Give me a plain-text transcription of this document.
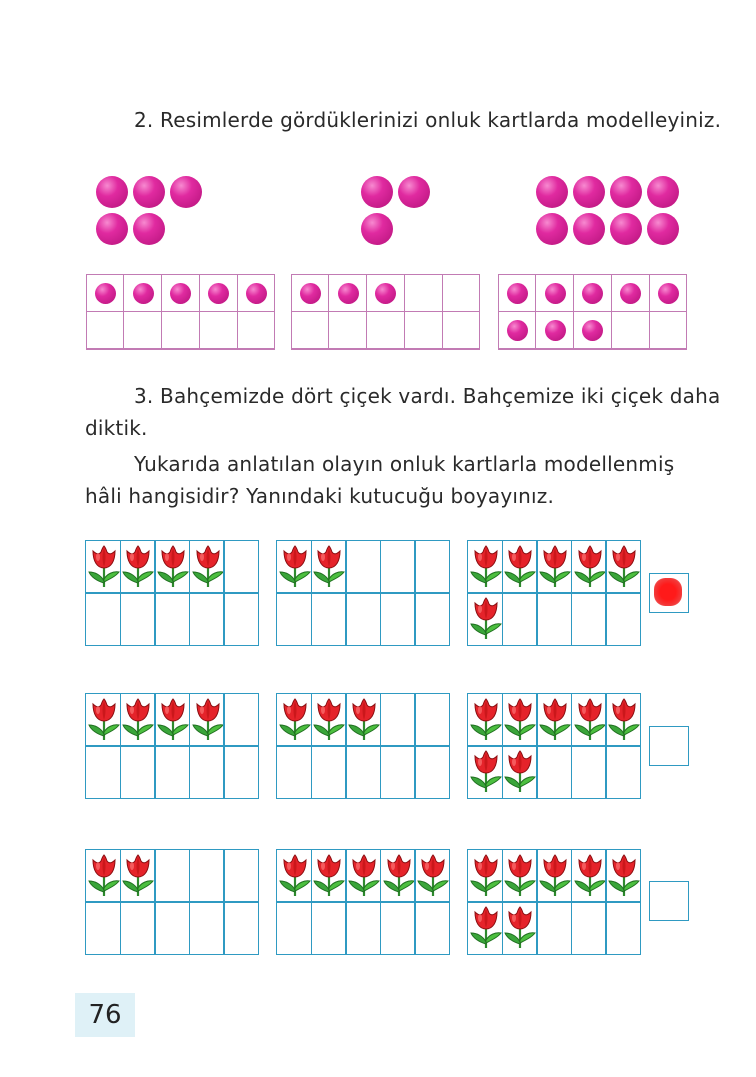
2. Resimlerde gördüklerinizi onluk kartlarda modelleyiniz.
3. Bahçemizde dört çiçek vardı. Bahçemize iki çiçek daha
diktik.
Yukarıda anlatılan olayın onluk kartlarla modellenmiş
hâli hangisidir? Yanındaki kutucuğu boyayınız.
76
